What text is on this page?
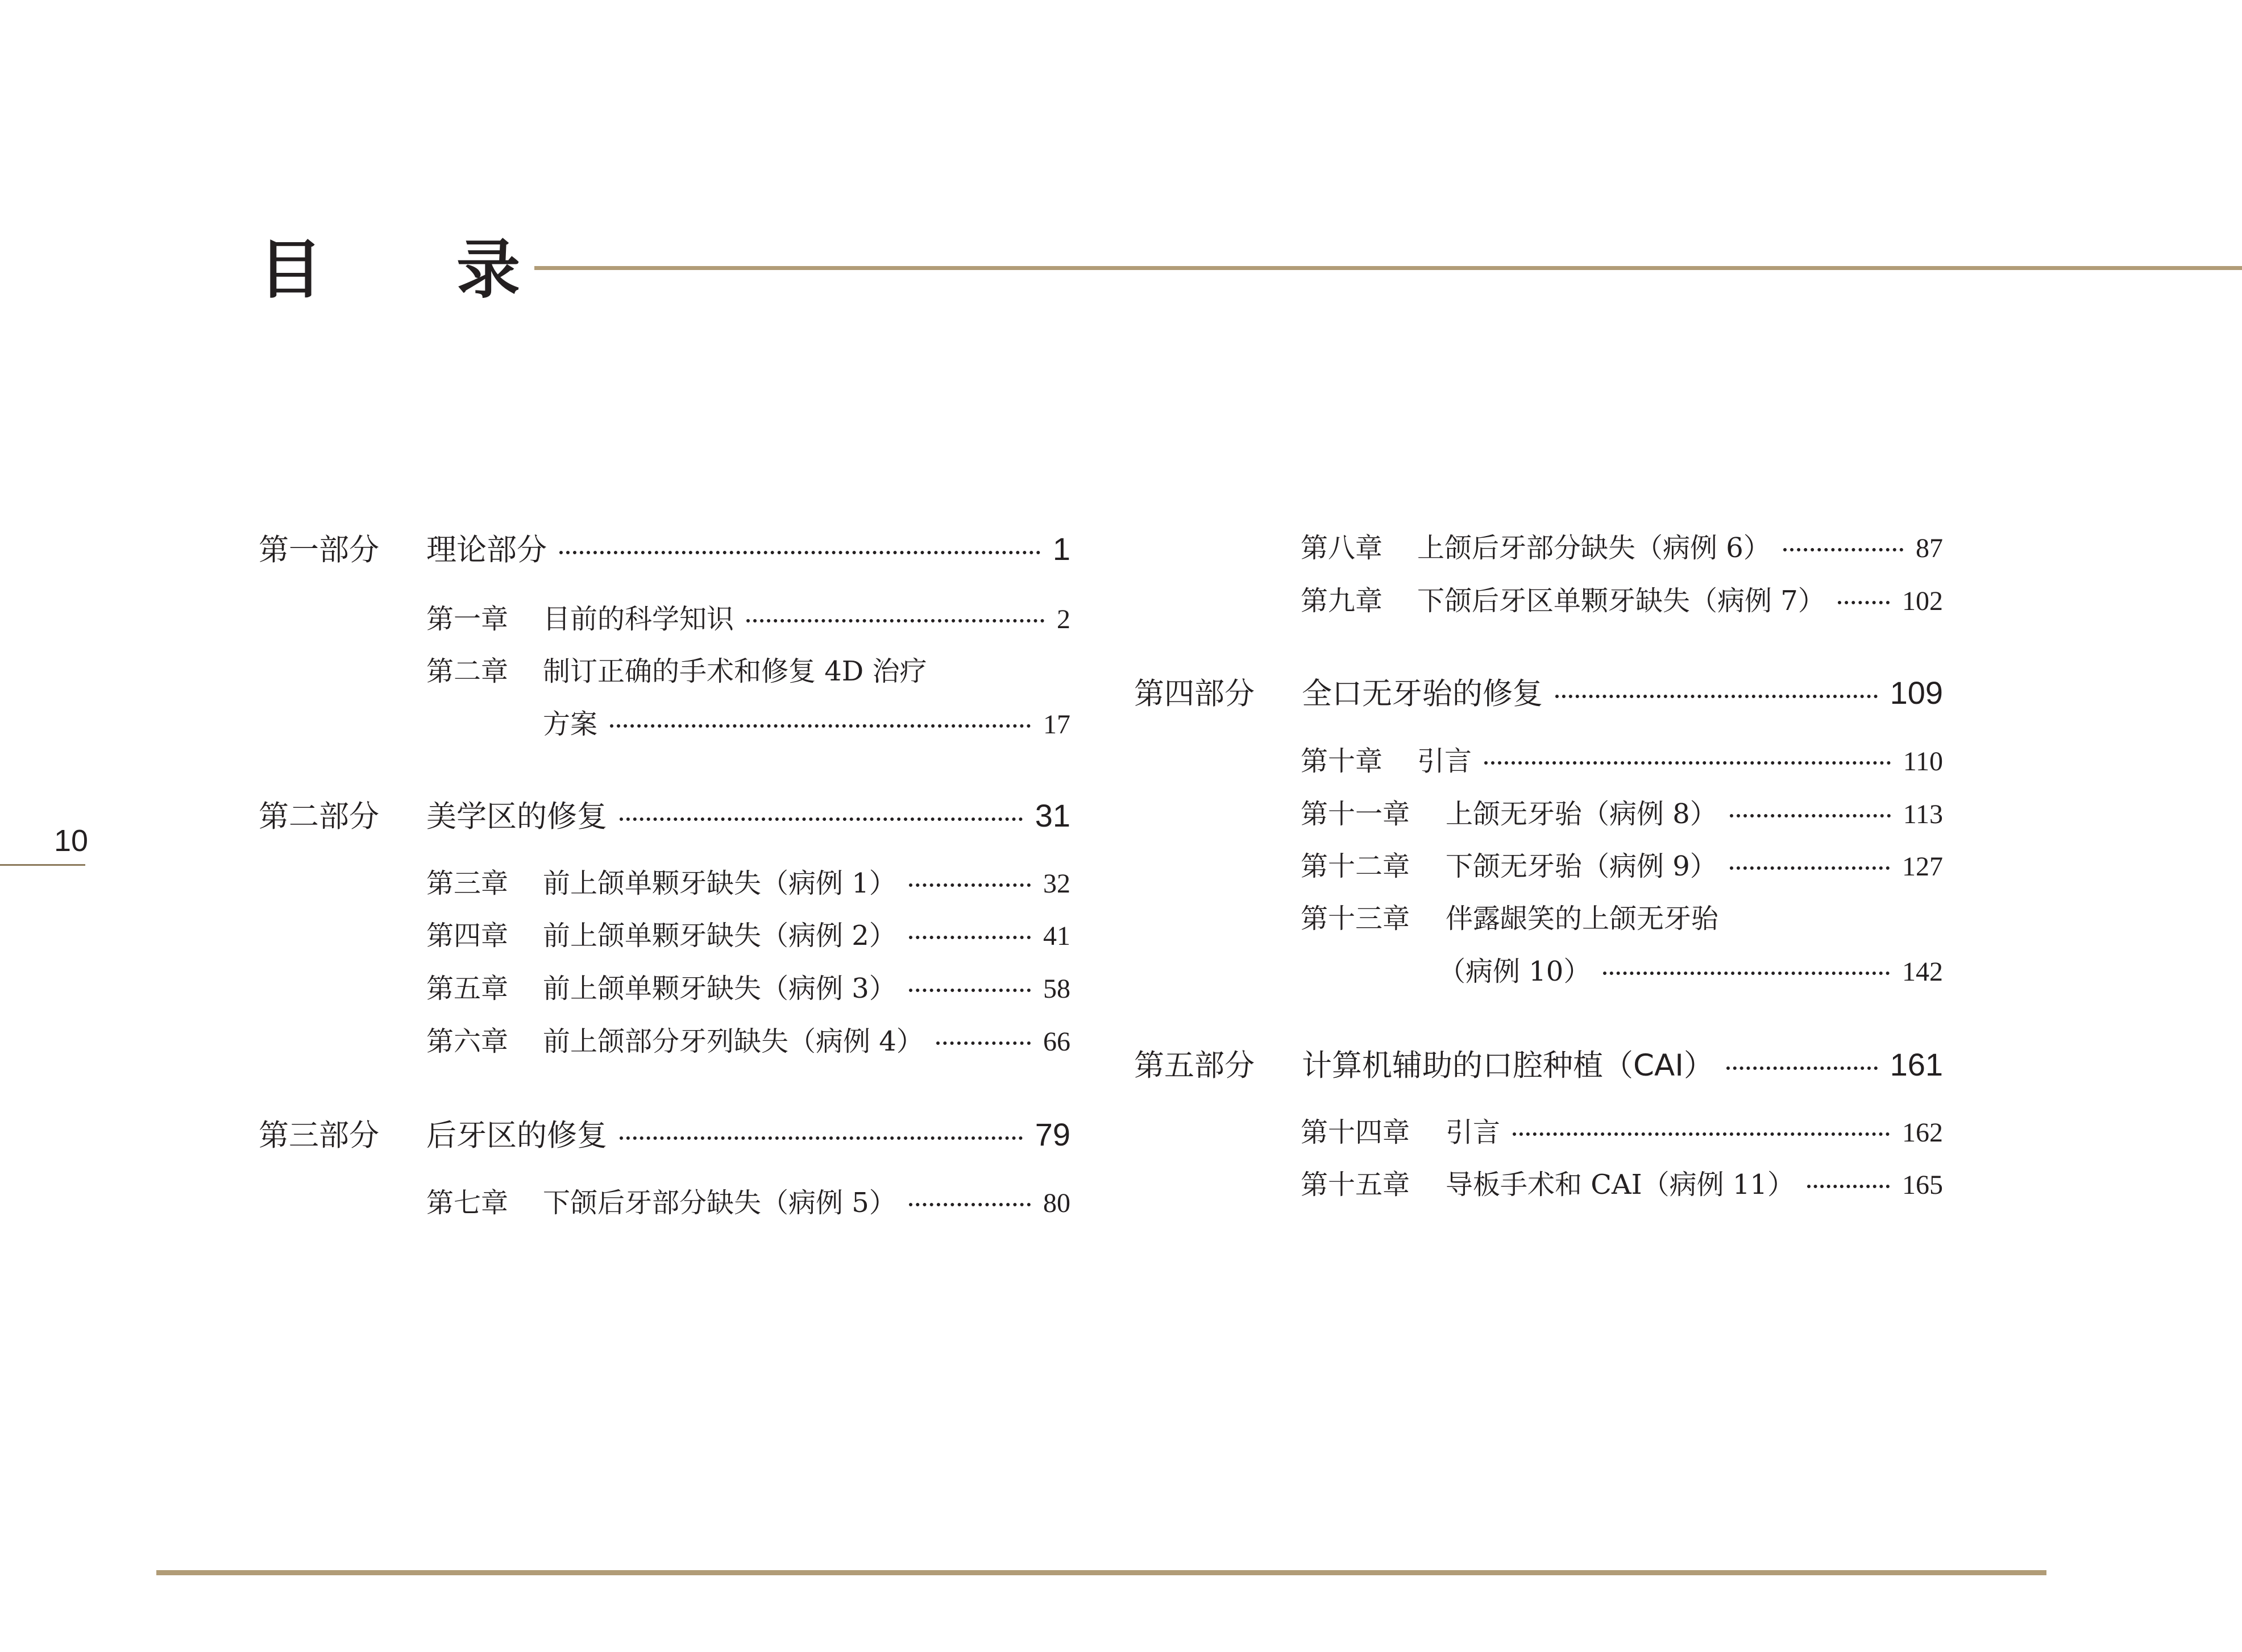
目 录
10
第一部分	理论部分	1
第一章	目前的科学知识	2
第二章	制订正确的手术和修复 4D 治疗
方案	17
第二部分	美学区的修复	31
第三章	前上颌单颗牙缺失（病例 1）	32
第四章	前上颌单颗牙缺失（病例 2）	41
第五章	前上颌单颗牙缺失（病例 3）	58
第六章	前上颌部分牙列缺失（病例 4）	66
第三部分	后牙区的修复	79
第七章	下颌后牙部分缺失（病例 5）	80
第八章	上颌后牙部分缺失（病例 6）	87
第九章	下颌后牙区单颗牙缺失（病例 7）	102
第四部分	全口无牙骀的修复	109
第十章	引言	110
第十一章	上颌无牙骀（病例 8）	113
第十二章	下颌无牙骀（病例 9）	127
第十三章	伴露龈笑的上颌无牙骀
（病例 10）	142
第五部分	计算机辅助的口腔种植（CAI）	161
第十四章	引言	162
第十五章	导板手术和 CAI（病例 11）	165
